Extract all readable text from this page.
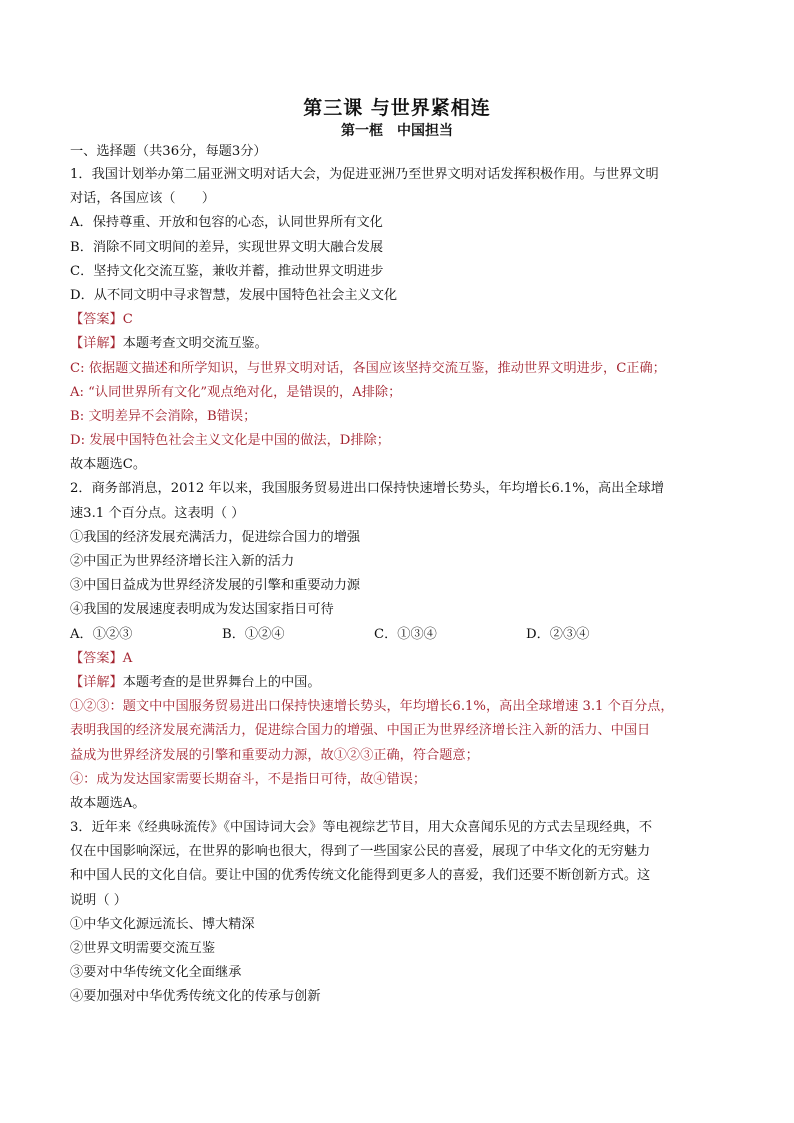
第三课 与世界紧相连
第一框　中国担当
一、选择题（共36分，每题3分）
1．我国计划举办第二届亚洲文明对话大会，为促进亚洲乃至世界文明对话发挥积极作用。与世界文明
对话，各国应该（　　）
A．保持尊重、开放和包容的心态，认同世界所有文化
B．消除不同文明间的差异，实现世界文明大融合发展
C．坚持文化交流互鉴，兼收并蓄，推动世界文明进步
D．从不同文明中寻求智慧，发展中国特色社会主义文化
【答案】C
【详解】本题考查文明交流互鉴。
C: 依据题文描述和所学知识，与世界文明对话，各国应该坚持交流互鉴，推动世界文明进步，C正确；
A: “认同世界所有文化”观点绝对化，是错误的，A排除；
B: 文明差异不会消除，B错误；
D: 发展中国特色社会主义文化是中国的做法，D排除；
故本题选C。
2．商务部消息，2012 年以来，我国服务贸易进出口保持快速增长势头，年均增长6.1%，高出全球增
速3.1 个百分点。这表明（ ）
①我国的经济发展充满活力，促进综合国力的增强
②中国正为世界经济增长注入新的活力
③中国日益成为世界经济发展的引擎和重要动力源
④我国的发展速度表明成为发达国家指日可待
A．①②③	B．①②④	C．①③④	D．②③④
【答案】A
【详解】本题考查的是世界舞台上的中国。
①②③：题文中中国服务贸易进出口保持快速增长势头，年均增长6.1%，高出全球增速 3.1 个百分点，
表明我国的经济发展充满活力，促进综合国力的增强、中国正为世界经济增长注入新的活力、中国日
益成为世界经济发展的引擎和重要动力源，故①②③正确，符合题意；
④：成为发达国家需要长期奋斗，不是指日可待，故④错误；
故本题选A。
3．近年来《经典咏流传》《中国诗词大会》等电视综艺节目，用大众喜闻乐见的方式去呈现经典，不
仅在中国影响深远，在世界的影响也很大，得到了一些国家公民的喜爱，展现了中华文化的无穷魅力
和中国人民的文化自信。要让中国的优秀传统文化能得到更多人的喜爱，我们还要不断创新方式。这
说明（ ）
①中华文化源远流长、博大精深
②世界文明需要交流互鉴
③要对中华传统文化全面继承
④要加强对中华优秀传统文化的传承与创新
